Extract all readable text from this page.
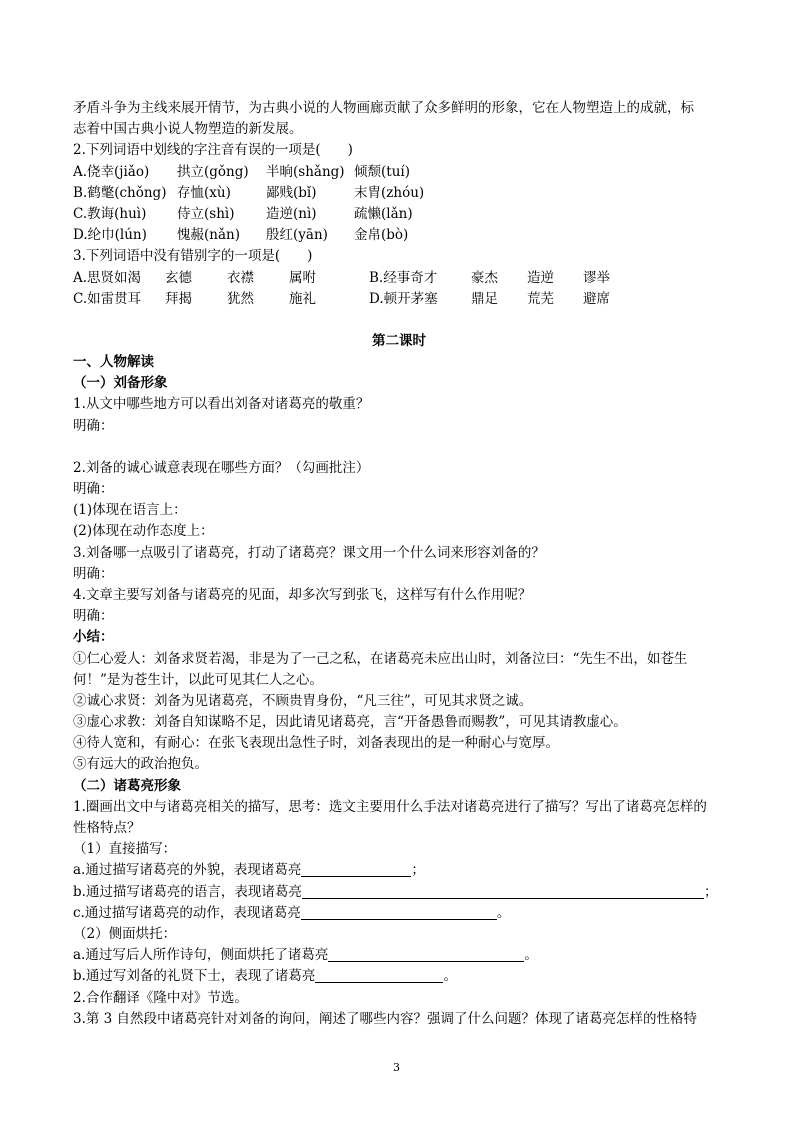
矛盾斗争为主线来展开情节，为古典小说的人物画廊贡献了众多鲜明的形象，它在人物塑造上的成就，标
志着中国古典小说人物塑造的新发展。
2.下列词语中划线的字注音有误的一项是(　　)
A.侥幸(jiǎo)	拱立(gǒng)	半晌(shǎng) 倾颓(tuí)
B.鹤氅(chǒng) 存恤(xù)	鄙贱(bǐ)	末胄(zhóu)
C.教诲(huì)	侍立(shì)	造逆(nì)	疏懒(lǎn)
D.纶巾(lún)	愧赧(nǎn)	殷红(yān)	金帛(bò)
3.下列词语中没有错别字的一项是(　　)
A.思贤如渴	玄德	衣襟	属咐	B.经事奇才	豪杰	造逆	谬举
C.如雷贯耳	拜揭	犹然	施礼	D.顿开茅塞	鼎足	荒芜	避席
第二课时
一、人物解读
（一）刘备形象
1.从文中哪些地方可以看出刘备对诸葛亮的敬重？
明确：
2.刘备的诚心诚意表现在哪些方面？（勾画批注）
明确：
(1)体现在语言上：
(2)体现在动作态度上：
3.刘备哪一点吸引了诸葛亮，打动了诸葛亮？课文用一个什么词来形容刘备的？
明确：
4.文章主要写刘备与诸葛亮的见面，却多次写到张飞，这样写有什么作用呢？
明确：
小结：
①仁心爱人：刘备求贤若渴，非是为了一己之私，在诸葛亮未应出山时，刘备泣曰：“先生不出，如苍生
何！”是为苍生计，以此可见其仁人之心。
②诚心求贤：刘备为见诸葛亮，不顾贵胄身份，“凡三往”，可见其求贤之诚。
③虚心求教：刘备自知谋略不足，因此请见诸葛亮，言“开备愚鲁而赐教”，可见其请教虚心。
④待人宽和，有耐心：在张飞表现出急性子时，刘备表现出的是一种耐心与宽厚。
⑤有远大的政治抱负。
（二）诸葛亮形象
1.圈画出文中与诸葛亮相关的描写，思考：选文主要用什么手法对诸葛亮进行了描写？写出了诸葛亮怎样的
性格特点？
（1）直接描写：
a.通过描写诸葛亮的外貌，表现诸葛亮	；
b.通过描写诸葛亮的语言，表现诸葛亮	；
c.通过描写诸葛亮的动作，表现诸葛亮	。
（2）侧面烘托：
a.通过写后人所作诗句，侧面烘托了诸葛亮	。
b.通过写刘备的礼贤下士，表现了诸葛亮	。
2.合作翻译《隆中对》节选。
3.第 3 自然段中诸葛亮针对刘备的询问，阐述了哪些内容？强调了什么问题？体现了诸葛亮怎样的性格特
3
